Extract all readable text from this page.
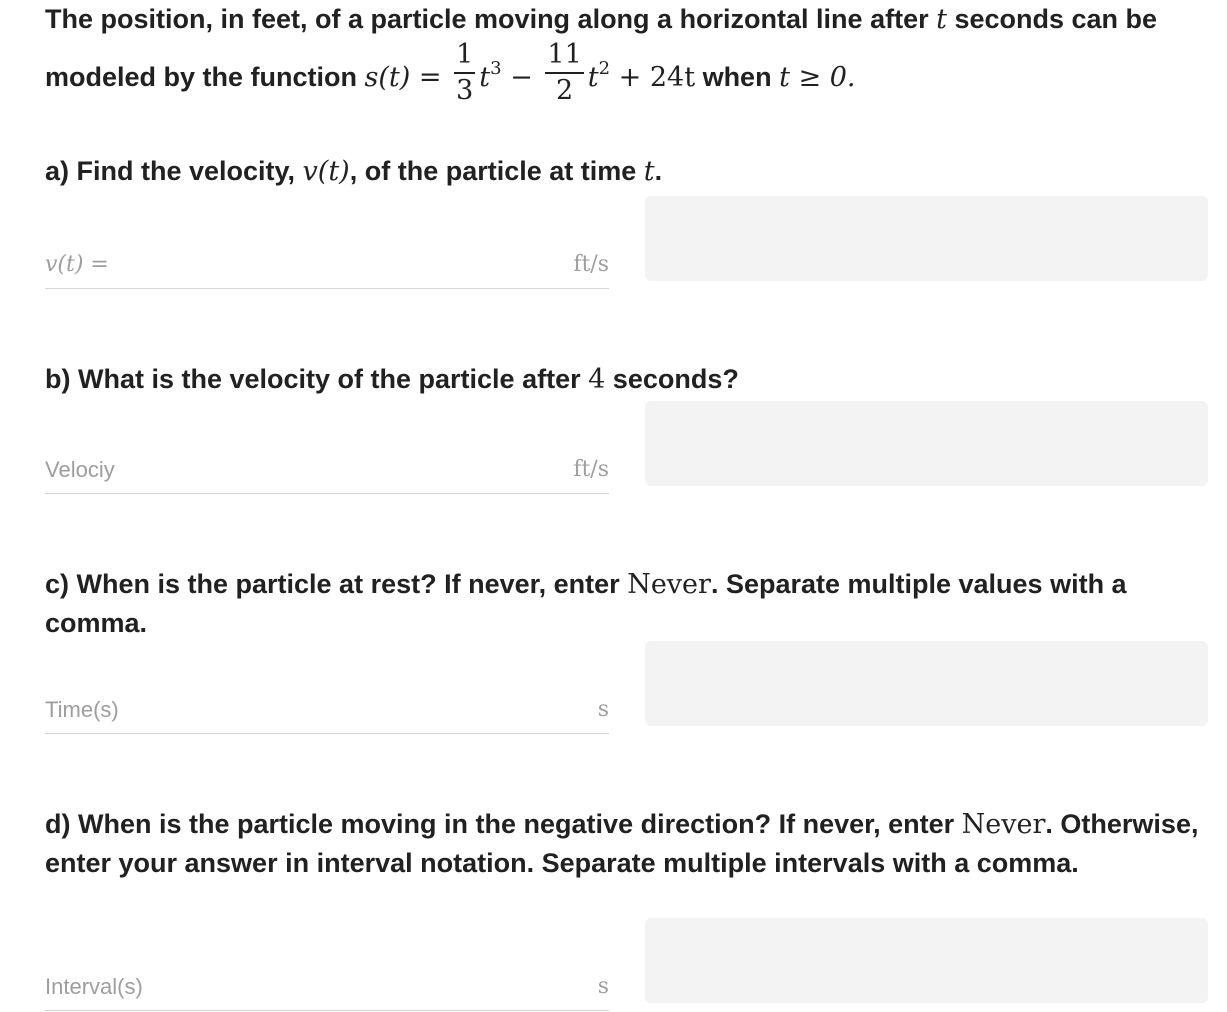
The position, in feet, of a particle moving along a horizontal line after t seconds can be
modeled by the function $s(t) = \frac{1}{3} t^3 - \frac{11}{2} t^2 + 24t$ when t ≥ 0.
a) Find the velocity, v(t), of the particle at time t.
v(t) =	ft/s
b) What is the velocity of the particle after 4 seconds?
Velociy	ft/s
c) When is the particle at rest? If never, enter Never. Separate multiple values with a comma.
Time(s)	s
d) When is the particle moving in the negative direction? If never, enter Never. Otherwise, enter your answer in interval notation. Separate multiple intervals with a comma.
Interval(s)	s
